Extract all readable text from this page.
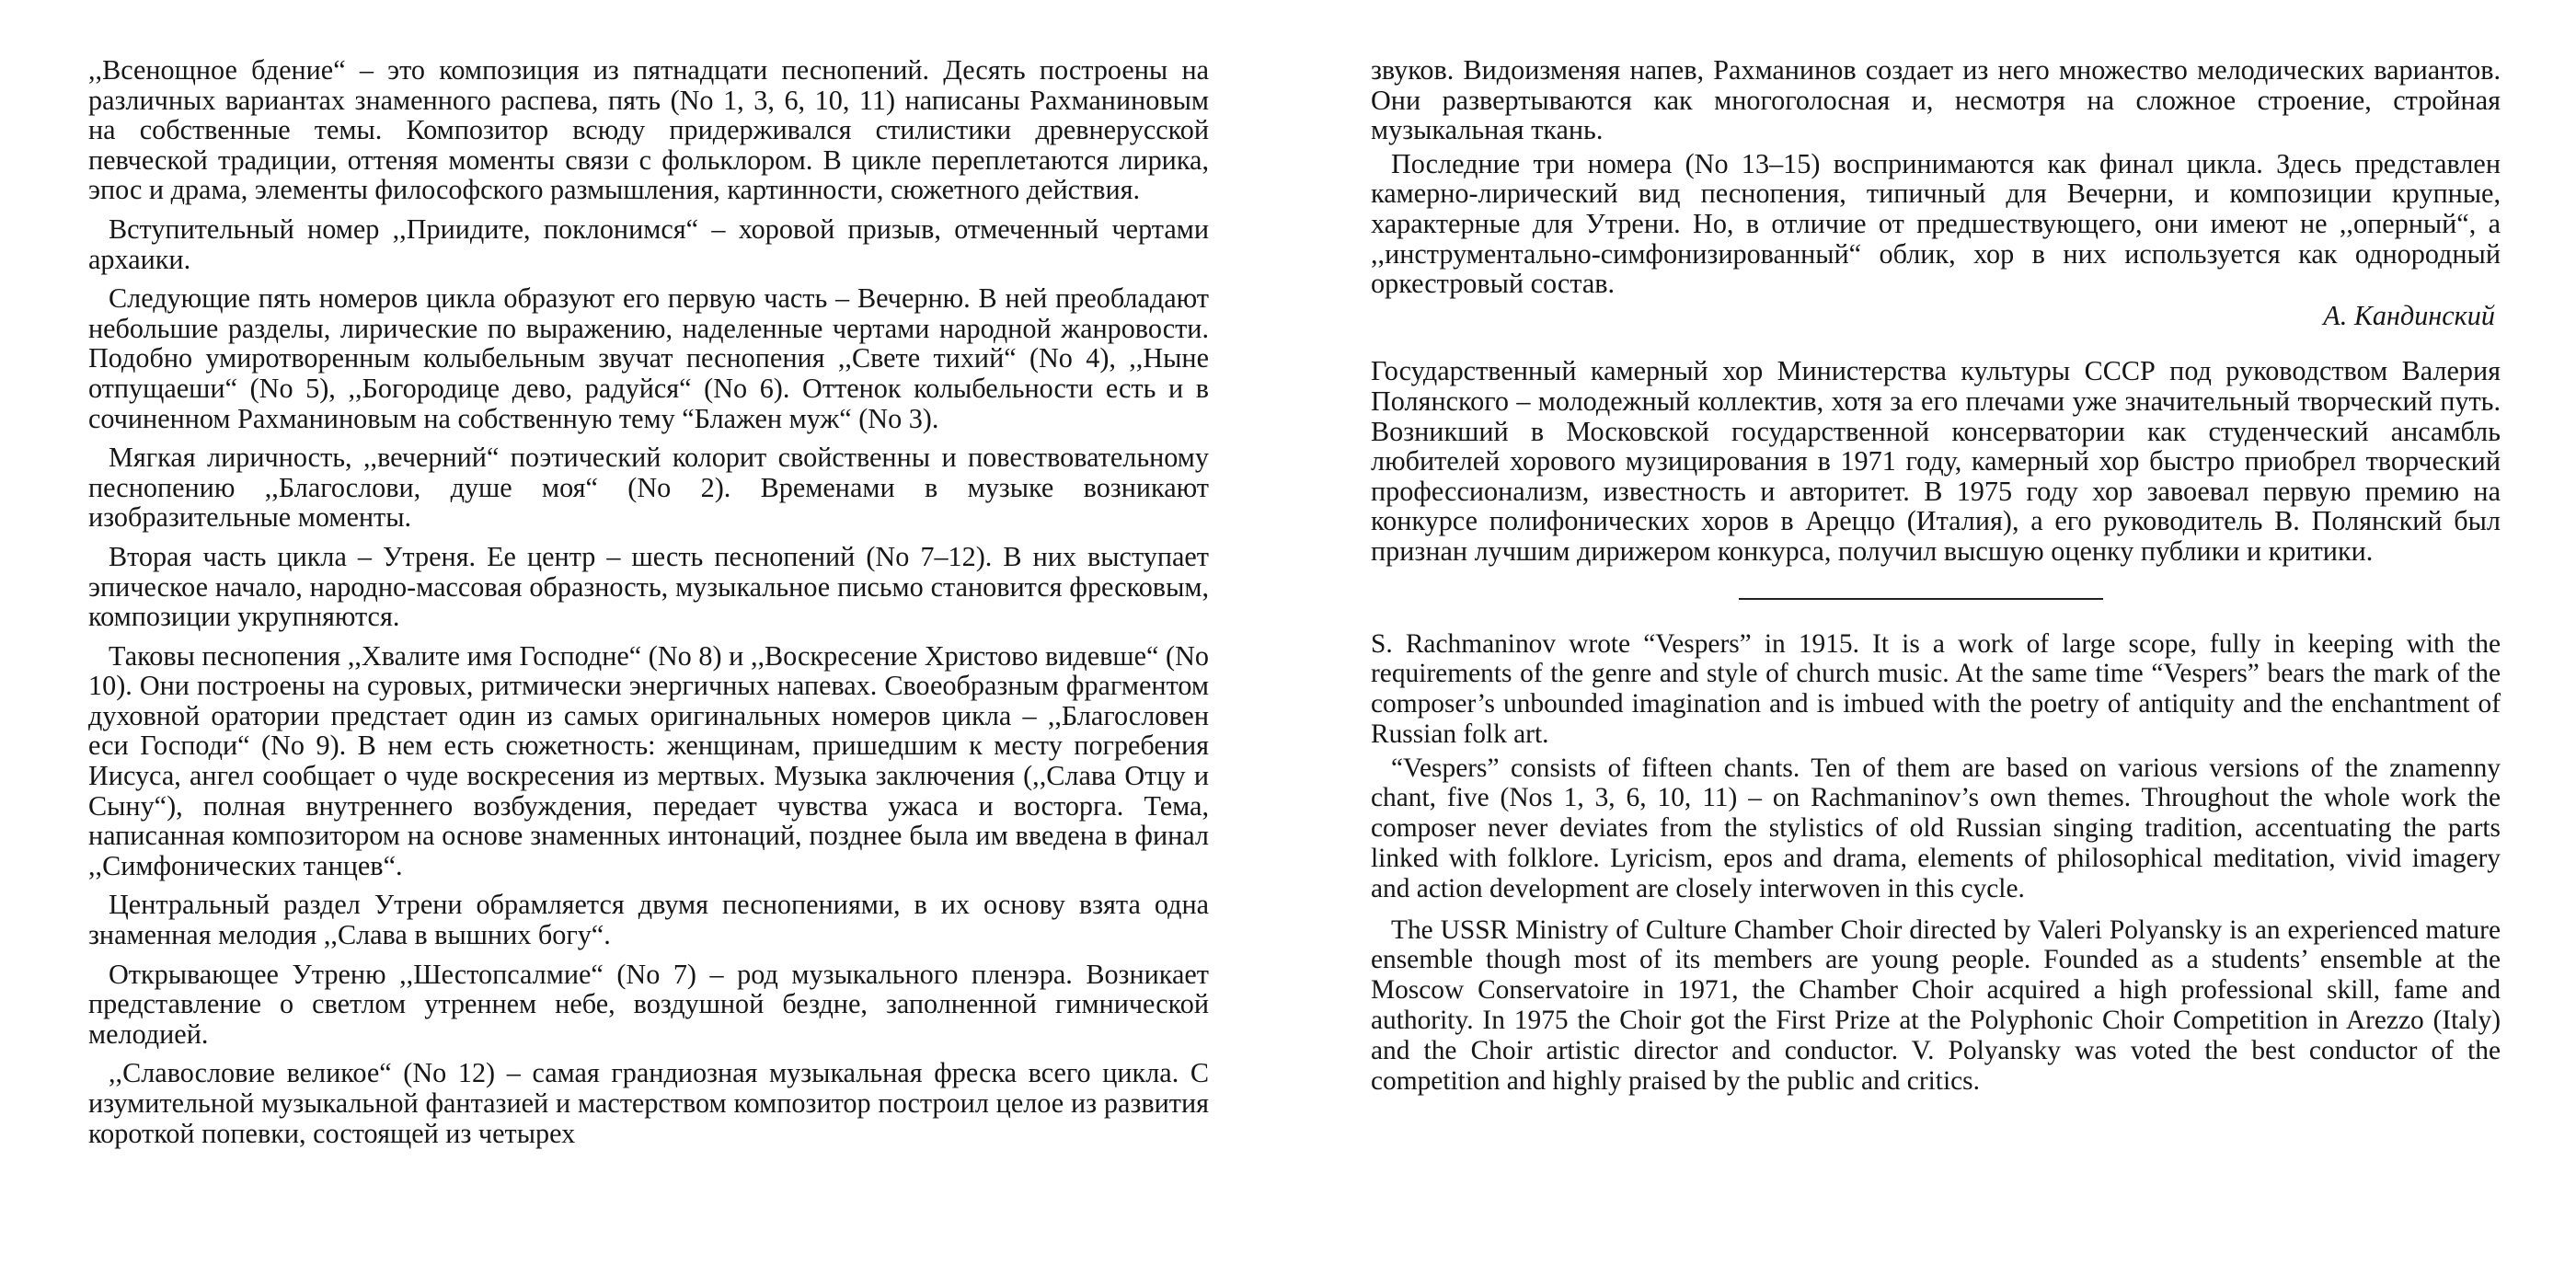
,,Всенощное бдение“ – это композиция из пятнадцати песнопений. Десять построены на различных вариантах знаменного распева, пять (No 1, 3, 6, 10, 11) написаны Рахманиновым на собственные темы. Композитор всюду придерживался стилистики древнерусской певческой традиции, оттеняя моменты связи с фольклором. В цикле переплетаются лирика, эпос и драма, элементы философского размышления, картинности, сюжетного действия.

Вступительный номер ,,Приидите, поклонимся“ – хоровой призыв, отмеченный чертами архаики.

Следующие пять номеров цикла образуют его первую часть – Вечерню. В ней преобладают небольшие разделы, лирические по выражению, наделенные чертами народной жанровости. Подобно умиротворенным колыбельным звучат песнопения ,,Свете тихий“ (No 4), ,,Ныне отпущаеши“ (No 5), ,,Богородице дево, радуйся“ (No 6). Оттенок колыбельности есть и в сочиненном Рахманиновым на собственную тему “Блажен муж“ (No 3).

Мягкая лиричность, ,,вечерний“ поэтический колорит свойственны и повествовательному песнопению ,,Благослови, душе моя“ (No 2). Временами в музыке возникают изобразительные моменты.

Вторая часть цикла – Утреня. Ее центр – шесть песнопений (No 7–12). В них выступает эпическое начало, народно-массовая образность, музыкальное письмо становится фресковым, композиции укрупняются.

Таковы песнопения ,,Хвалите имя Господне“ (No 8) и ,,Воскресение Христово видевше“ (No 10). Они построены на суровых, ритмически энергичных напевах. Своеобразным фрагментом духовной оратории предстает один из самых оригинальных номеров цикла – ,,Благословен еси Господи“ (No 9). В нем есть сюжетность: женщинам, пришедшим к месту погребения Иисуса, ангел сообщает о чуде воскресения из мертвых. Музыка заключения (,,Слава Отцу и Сыну“), полная внутреннего возбуждения, передает чувства ужаса и восторга. Тема, написанная композитором на основе знаменных интонаций, позднее была им введена в финал ,,Симфонических танцев“.

Центральный раздел Утрени обрамляется двумя песнопениями, в их основу взята одна знаменная мелодия ,,Слава в вышних богу“.

Открывающее Утреню ,,Шестопсалмие“ (No 7) – род музыкального пленэра. Возникает представление о светлом утреннем небе, воздушной бездне, заполненной гимнической мелодией.

,,Славословие великое“ (No 12) – самая грандиозная музыкальная фреска всего цикла. С изумительной музыкальной фантазией и мастерством композитор построил целое из развития короткой попевки, состоящей из четырех

звуков. Видоизменяя напев, Рахманинов создает из него множество мелодических вариантов. Они развертываются как многоголосная и, несмотря на сложное строение, стройная музыкальная ткань.

Последние три номера (No 13–15) воспринимаются как финал цикла. Здесь представлен камерно-лирический вид песнопения, типичный для Вечерни, и композиции крупные, характерные для Утрени. Но, в отличие от предшествующего, они имеют не ,,оперный“, а ,,инструментально-симфонизированный“ облик, хор в них используется как однородный оркестровый состав.

А. Кандинский

Государственный камерный хор Министерства культуры СССР под руководством Валерия Полянского – молодежный коллектив, хотя за его плечами уже значительный творческий путь. Возникший в Московской государственной консерватории как студенческий ансамбль любителей хорового музицирования в 1971 году, камерный хор быстро приобрел творческий профессионализм, известность и авторитет. В 1975 году хор завоевал первую премию на конкурсе полифонических хоров в Ареццо (Италия), а его руководитель В. Полянский был признан лучшим дирижером конкурса, получил высшую оценку публики и критики.

S. Rachmaninov wrote “Vespers” in 1915. It is a work of large scope, fully in keeping with the requirements of the genre and style of church music. At the same time “Vespers” bears the mark of the composer’s unbounded imagination and is imbued with the poetry of antiquity and the enchantment of Russian folk art.

“Vespers” consists of fifteen chants. Ten of them are based on various versions of the znamenny chant, five (Nos 1, 3, 6, 10, 11) – on Rachmaninov’s own themes. Throughout the whole work the composer never deviates from the stylistics of old Russian singing tradition, accentuating the parts linked with folklore. Lyricism, epos and drama, elements of philosophical meditation, vivid imagery and action development are closely interwoven in this cycle.

The USSR Ministry of Culture Chamber Choir directed by Valeri Polyansky is an experienced mature ensemble though most of its members are young people. Founded as a students’ ensemble at the Moscow Conservatoire in 1971, the Chamber Choir acquired a high professional skill, fame and authority. In 1975 the Choir got the First Prize at the Polyphonic Choir Competition in Arezzo (Italy) and the Choir artistic director and conductor. V. Polyansky was voted the best conductor of the competition and highly praised by the public and critics.
